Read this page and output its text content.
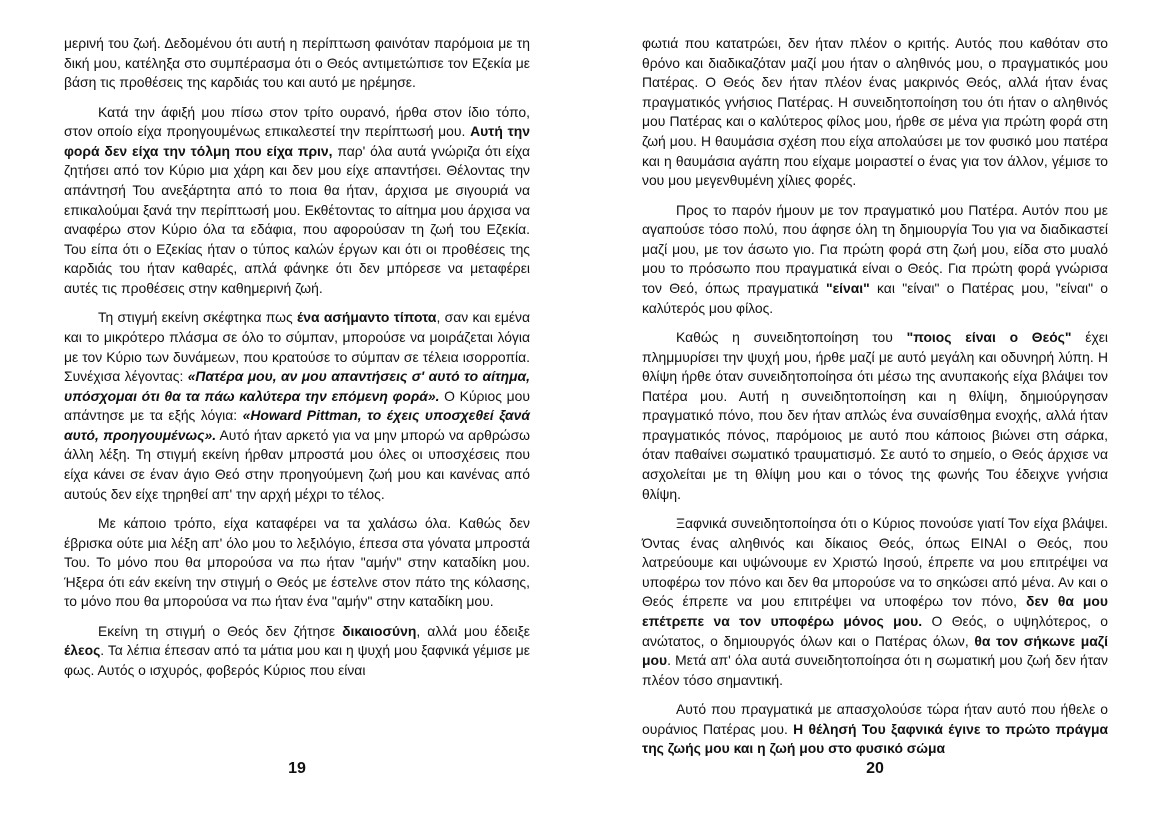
μερινή του ζωή. Δεδομένου ότι αυτή η περίπτωση φαινόταν παρόμοια με τη δική μου, κατέληξα στο συμπέρασμα ότι ο Θεός αντιμετώπισε τον Εζεκία με βάση τις προθέσεις της καρδιάς του και αυτό με ηρέμησε.

Κατά την άφιξή μου πίσω στον τρίτο ουρανό, ήρθα στον ίδιο τόπο, στον οποίο είχα προηγουμένως επικαλεστεί την περίπτωσή μου. Αυτή την φορά δεν είχα την τόλμη που είχα πριν, παρ' όλα αυτά γνώριζα ότι είχα ζητήσει από τον Κύριο μια χάρη και δεν μου είχε απαντήσει. Θέλοντας την απάντησή Του ανεξάρτητα από το ποια θα ήταν, άρχισα με σιγουριά να επικαλούμαι ξανά την περίπτωσή μου. Εκθέτοντας το αίτημα μου άρχισα να αναφέρω στον Κύριο όλα τα εδάφια, που αφορούσαν τη ζωή του Εζεκία. Του είπα ότι ο Εζεκίας ήταν ο τύπος καλών έργων και ότι οι προθέσεις της καρδιάς του ήταν καθαρές, απλά φάνηκε ότι δεν μπόρεσε να μεταφέρει αυτές τις προθέσεις στην καθημερινή ζωή.

Τη στιγμή εκείνη σκέφτηκα πως ένα ασήμαντο τίποτα, σαν και εμένα και το μικρότερο πλάσμα σε όλο το σύμπαν, μπορούσε να μοιράζεται λόγια με τον Κύριο των δυνάμεων, που κρατούσε το σύμπαν σε τέλεια ισορροπία. Συνέχισα λέγοντας: «Πατέρα μου, αν μου απαντήσεις σ' αυτό το αίτημα, υπόσχομαι ότι θα τα πάω καλύτερα την επόμενη φορά». Ο Κύριος μου απάντησε με τα εξής λόγια: «Howard Pittman, το έχεις υποσχεθεί ξανά αυτό, προηγουμένως». Αυτό ήταν αρκετό για να μην μπορώ να αρθρώσω άλλη λέξη. Τη στιγμή εκείνη ήρθαν μπροστά μου όλες οι υποσχέσεις που είχα κάνει σε έναν άγιο Θεό στην προηγούμενη ζωή μου και κανένας από αυτούς δεν είχε τηρηθεί απ' την αρχή μέχρι το τέλος.

Με κάποιο τρόπο, είχα καταφέρει να τα χαλάσω όλα. Καθώς δεν έβρισκα ούτε μια λέξη απ' όλο μου το λεξιλόγιο, έπεσα στα γόνατα μπροστά Του. Το μόνο που θα μπορούσα να πω ήταν "αμήν" στην καταδίκη μου. Ήξερα ότι εάν εκείνη την στιγμή ο Θεός με έστελνε στον πάτο της κόλασης, το μόνο που θα μπορούσα να πω ήταν ένα "αμήν" στην καταδίκη μου.

Εκείνη τη στιγμή ο Θεός δεν ζήτησε δικαιοσύνη, αλλά μου έδειξε έλεος. Τα λέπια έπεσαν από τα μάτια μου και η ψυχή μου ξαφνικά γέμισε με φως. Αυτός ο ισχυρός, φοβερός Κύριος που είναι

19

φωτιά που κατατρώει, δεν ήταν πλέον ο κριτής. Αυτός που καθόταν στο θρόνο και διαδικαζόταν μαζί μου ήταν ο αληθινός μου, ο πραγματικός μου Πατέρας. Ο Θεός δεν ήταν πλέον ένας μακρινός Θεός, αλλά ήταν ένας πραγματικός γνήσιος Πατέρας. Η συνειδητοποίηση του ότι ήταν ο αληθινός μου Πατέρας και ο καλύτερος φίλος μου, ήρθε σε μένα για πρώτη φορά στη ζωή μου. Η θαυμάσια σχέση που είχα απολαύσει με τον φυσικό μου πατέρα και η θαυμάσια αγάπη που είχαμε μοιραστεί ο ένας για τον άλλον, γέμισε το νου μου μεγενθυμένη χίλιες φορές.

Προς το παρόν ήμουν με τον πραγματικό μου Πατέρα. Αυτόν που με αγαπούσε τόσο πολύ, που άφησε όλη τη δημιουργία Του για να διαδικαστεί μαζί μου, με τον άσωτο γιο. Για πρώτη φορά στη ζωή μου, είδα στο μυαλό μου το πρόσωπο που πραγματικά είναι ο Θεός. Για πρώτη φορά γνώρισα τον Θεό, όπως πραγματικά "είναι" και "είναι" ο Πατέρας μου, "είναι" ο καλύτερός μου φίλος.

Καθώς η συνειδητοποίηση του "ποιος είναι ο Θεός" έχει πλημμυρίσει την ψυχή μου, ήρθε μαζί με αυτό μεγάλη και οδυνηρή λύπη. Η θλίψη ήρθε όταν συνειδητοποίησα ότι μέσω της ανυπακοής είχα βλάψει τον Πατέρα μου. Αυτή η συνειδητοποίηση και η θλίψη, δημιούργησαν πραγματικό πόνο, που δεν ήταν απλώς ένα συναίσθημα ενοχής, αλλά ήταν πραγματικός πόνος, παρόμοιος με αυτό που κάποιος βιώνει στη σάρκα, όταν παθαίνει σωματικό τραυματισμό. Σε αυτό το σημείο, ο Θεός άρχισε να ασχολείται με τη θλίψη μου και ο τόνος της φωνής Του έδειχνε γνήσια θλίψη.

Ξαφνικά συνειδητοποίησα ότι ο Κύριος πονούσε γιατί Τον είχα βλάψει. Όντας ένας αληθινός και δίκαιος Θεός, όπως ΕΙΝΑΙ ο Θεός, που λατρεύουμε και υψώνουμε εν Χριστώ Ιησού, έπρεπε να μου επιτρέψει να υποφέρω τον πόνο και δεν θα μπορούσε να το σηκώσει από μένα. Αν και ο Θεός έπρεπε να μου επιτρέψει να υποφέρω τον πόνο, δεν θα μου επέτρεπε να τον υποφέρω μόνος μου. Ο Θεός, ο υψηλότερος, ο ανώτατος, ο δημιουργός όλων και ο Πατέρας όλων, θα τον σήκωνε μαζί μου. Μετά απ' όλα αυτά συνειδητοποίησα ότι η σωματική μου ζωή δεν ήταν πλέον τόσο σημαντική.

Αυτό που πραγματικά με απασχολούσε τώρα ήταν αυτό που ήθελε ο ουράνιος Πατέρας μου. Η θέλησή Του ξαφνικά έγινε το πρώτο πράγμα της ζωής μου και η ζωή μου στο φυσικό σώμα

20
